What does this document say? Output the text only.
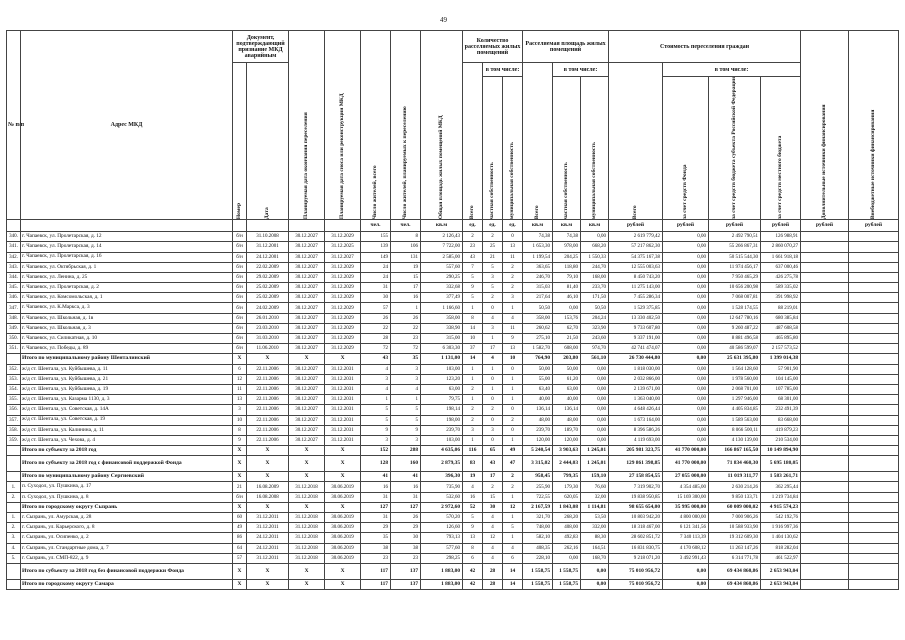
49
№ п/п	Адрес МКД	Документ, подтверждающий признание МКД аварийным		Планируемая дата окончания переселения	Планируемая дата сноса или реконструкции МКД	Число жителей, всего	Число жителей, планируемых к переселению	Общая площадь жилых помещений МКД	Количество расселяемых жилых помещений			Расселяемая площадь жилых помещений			Стоимость переселения граждан				Дополнительные источники финансирования	Внебюджетные источники финансирования
		Номер	Дата						Всего	в том числе:		Всего	в том числе:		Всего	в том числе:				
										частная собственность	муниципальная собственность		частная собственность	муниципальная собственность		за счет средств Фонда	за счет средств бюджета субъекта Российской Федерации	за счет средств местного бюджета		
						чел.	чел.	кв.м	ед.	ед.	ед.	кв.м	кв.м	кв.м	рублей	рублей	рублей	рублей	рублей	рублей
340.	г. Чапаевск, ул. Пролетарская, д. 12	б/н	31.10.2008	30.12.2027	31.12.2029	155	8	2 126,43	2	2	0	74,38	74,38	0,00	2 619 779,42	0,00	2 492 790,51	126 988,91		
341.	г. Чапаевск, ул. Пролетарская, д. 14	б/н	31.12.2001	30.12.2027	31.12.2025	139	106	7 722,00	23	25	13	1 653,30	978,00	668,20	57 217 862,30	0,00	55 266 867,31	2 860 070,27		
342.	г. Чапаевск, ул. Пролетарская, д. 16	б/н	24.12.2001	30.12.2027	31.12.2027	149	131	2 585,00	43	21	11	1 199,54	204,25	1 550,33	54 375 167,38	0,00	50 515 544,30	1 661 918,18		
343.	г. Чапаевск, ул. Октябрьская, д. 1	б/н	22.02.2009	30.12.2027	31.12.2029	24	19	557,60	7	5	2	363,65	118,80	244,70	12 555 003,63	0,00	11 974 456,17	637 000,46		
344.	г. Чапаевск, ул. Ленина, д. 25	б/н	29.02.2009	30.12.2027	31.12.2029	24	15	290,25	5	3	2	246,70	79,10	168,00	8 450 743,20	0,00	7 950 465,29	426 275,78		
345.	г. Чапаевск, ул. Пролетарская, д. 2	б/н	25.02.2009	30.12.2027	31.12.2029	31	17	332,68	9	5	2	315,03	81,40	233,70	11 275 143,00	0,00	10 656 200,98	589 335,02		
346.	г. Чапаевск, ул. Комсомольская, д. 1	б/н	25.02.2009	30.12.2027	31.12.2029	30	16	377,49	5	2	3	217,64	46,10	171,50	7 455 286,34	0,00	7 068 007,81	391 998,92		
347.	г. Чапаевск, ул. К.Маркса, д. 3	б/н	24.02.2009	30.12.2027	31.12.2029	57	1	1 166,60	1	0	1	50,50	0,00	50,50	1 529 375,85	0,00	1 528 174,55	88 219,01		
348.	г. Чапаевск, ул. Школьная, д. 1в	б/н	26.01.2010	30.12.2027	31.12.2029	26	26	358,00	8	4	4	358,00	153,76	204,24	13 330 402,50	0,00	12 647 780,16	680 385,84		
349.	г. Чапаевск, ул. Школьная, д. 3	б/н	23.03.2010	30.12.2027	31.12.2029	22	22	338,90	14	3	11	260,62	62,70	323,90	9 733 607,80	0,00	9 260 487,22	487 608,58		
350.	г. Чапаевск, ул. Силикатная, д. 10	б/н	31.03.2010	30.12.2027	31.12.2029	28	23	315,00	10	1	9	275,10	21,50	243,60	9 337 191,00	0,00	8 881 496,58	465 895,80		
351.	г. Чапаевск, ул. Победы, д. 89	б/н	11.06.2010	30.12.2027	31.12.2029	72	72	6 303,30	37	17	13	1 582,70	608,00	974,70	42 741 474,07	0,00	40 586 599,07	2 157 573,52		
	Итого по муниципальному району Шенталинский	X	X	X	X	43	35	1 131,00	14	4	10	764,90	203,80	561,10	26 730 444,80	0,00	25 631 395,80	1 399 014,38		
352.	ж/д ст. Шентала, ул. Куйбышева, д. 11	6	22.11.2006	30.12.2027	31.12.2031	4	3	103,00	1	1	0	50,00	50,00	0,00	1 818 030,00	0,00	1 564 128,60	57 901,90		
353.	ж/д ст. Шентала, ул. Куйбышева, д. 21	12	22.11.2006	30.12.2027	31.12.2031	3	3	123,20	1	0	1	55,00	61,20	0,00	2 032 866,00	0,00	1 978 560,00	104 145,00		
354.	ж/д ст. Шентала, ул. Куйбышева, д. 19	11	22.11.2006	30.12.2027	31.12.2031	4	4	63,00	2	1	1	63,40	63,00	0,00	2 139 671,00	0,00	2 068 701,00	107 785,00		
355.	ж/д ст. Шентала, ул. Казарма 1130, д. 3	13	22.11.2006	30.12.2027	31.12.2031	1	1	79,75	1	0	1	40,00	40,00	0,00	1 363 040,00	0,00	1 297 946,00	68 301,00		
356.	ж/д ст. Шентала, ул. Советская, д. 14А	3	22.11.2006	30.12.2027	31.12.2031	5	5	198,14	2	2	0	136,14	136,14	0,00	4 648 426,44	0,00	4 405 834,85	232 491,39		
357.	ж/д ст. Шентала, ул. Советская, д. 19	10	22.11.2006	30.12.2027	31.12.2031	5	5	198,00	2	0	2	48,00	48,00	0,00	1 673 164,00	0,00	1 589 563,00	83 668,00		
358.	ж/д ст. Шентала, ул. Калинина, д. 11	8	22.11.2006	30.12.2027	31.12.2031	9	9	239,70	3	3	0	239,70	189,70	0,00	8 396 586,26	0,00	8 066 500,11	419 879,23		
359.	ж/д ст. Шентала, ул. Чехова, д. 4	9	22.11.2006	30.12.2027	31.12.2031	3	3	103,00	1	0	1	120,00	120,00	0,00	4 119 693,00	0,00	4 130 139,00	210 534,00		
	Итого по субъекту за 2018 год	X	X	X	X	152	288	4 635,06	116	65	49	5 240,54	3 903,63	1 245,01	205 981 323,75	41 770 000,00	166 867 165,50	10 149 894,90		
	Итого по субъекту за 2018 год с финансовой поддержкой Фонда	X	X	X	X	128	160	2 879,35	83	43	47	3 315,02	2 444,03	1 245,01	129 861 398,85	41 770 000,00	71 834 460,30	5 695 180,05		
	Итого по муниципальному району Сергиевский	X	X	X	X	41	41	396,30	19	17	2	958,45	799,35	159,10	27 158 854,55	27 055 000,00	11 019 311,77	1 583 261,71		
1.	п. Суходол, ул. Пушкина, д. 17	21	16.08.2009	31.12.2018	30.06.2019	16	16	735,90	4	2	2	255,90	179,30	76,60	7 319 902,70	4 354 485,00	2 630 214,26	362 295,44		
2.	п. Суходол, ул. Пушкина, д. 8	б/н	16.08.2008	31.12.2018	30.06.2019	31	31	532,60	16	15	1	722,55	620,05	32,00	19 838 950,85	15 169 300,00	9 850 133,71	1 219 734,84		
	Итого по городскому округу Сызрань	X	X	X	X	127	127	2 972,60	52	30	12	2 167,59	1 843,08	1 114,81	98 655 654,00	35 995 000,00	60 009 000,02	4 915 574,23		
1.	г. Сызрань, ул. Амурская, д. 28	60	31.12.2011	31.12.2018	30.06.2019	31	26	570,20	5	4	1	321,70	268,20	53,50	10 803 942,20	4 800 000,00	7 000 906,26	542 192,76		
2.	г. Сызрань, ул. Карьерского, д. 8	49	31.12.2011	31.12.2018	30.06.2019	29	29	126,60	9	4	5	748,00	408,00	332,00	18 318 467,00	6 121 341,56	10 588 933,90	1 916 997,36		
3.	г. Сызрань, ул. Осипенко, д. 2	86	24.12.2011	31.12.2018	30.06.2019	35	30	793,13	13	12	1	582,10	492,83	88,30	28 602 851,72	7 340 113,39	19 312 609,30	1 404 130,62		
4.	г. Сызрань, ул. Стандартные дома, д. 7	64	24.12.2011	31.12.2018	30.06.2019	38	38	577,60	8	4	4	408,35	262,16	164,51	16 831 830,75	4 170 608,12	11 263 147,26	818 282,04		
5.	г. Сызрань, ул. СМП-822, д. 9	57	31.12.2011	31.12.2018	30.06.2019	23	23	298,25	6	4	6	228,10	0,00	168,70	9 218 071,20	3 492 991,43	6 314 771,78	461 522,97		
	Итого по субъекту за 2018 год без финансовой поддержки Фонда	X	X	X	X	117	137	1 883,00	42	28	14	1 558,75	1 558,75	0,00	75 010 956,72	0,00	69 434 860,86	2 653 943,04		
	Итого по городскому округу Самара	X	X	X	X	117	137	1 883,00	42	28	14	1 558,75	1 558,75	0,00	75 010 956,72	0,00	69 434 860,86	2 653 943,04		
